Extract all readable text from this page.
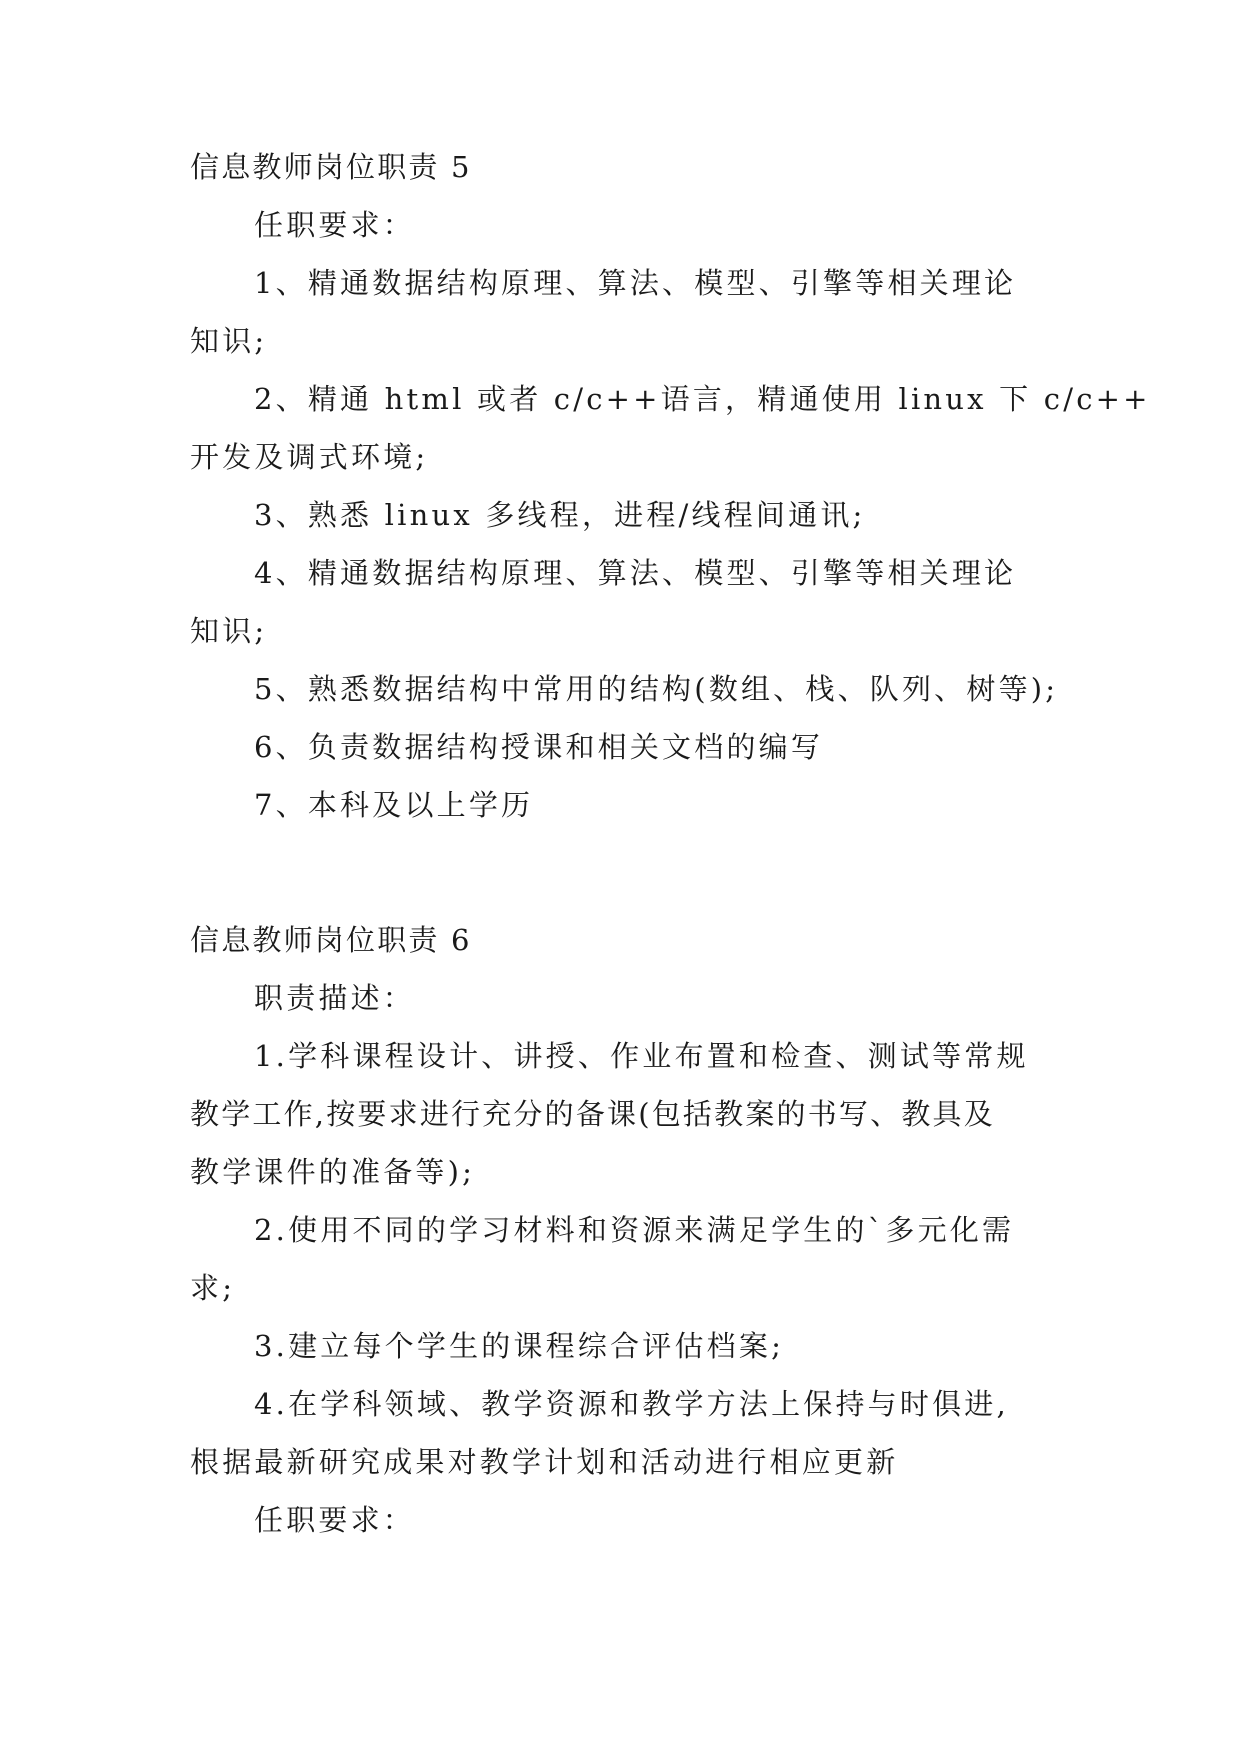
信息教师岗位职责 5
任职要求：
1、精通数据结构原理、算法、模型、引擎等相关理论
知识;
2、精通 html 或者 c/c++语言，精通使用 linux 下 c/c++
开发及调式环境;
3、熟悉 linux 多线程，进程/线程间通讯;
4、精通数据结构原理、算法、模型、引擎等相关理论
知识;
5、熟悉数据结构中常用的结构(数组、栈、队列、树等);
6、负责数据结构授课和相关文档的编写
7、本科及以上学历
信息教师岗位职责 6
职责描述：
1.学科课程设计、讲授、作业布置和检查、测试等常规
教学工作,按要求进行充分的备课(包括教案的书写、教具及
教学课件的准备等);
2.使用不同的学习材料和资源来满足学生的`多元化需
求;
3.建立每个学生的课程综合评估档案;
4.在学科领域、教学资源和教学方法上保持与时俱进,
根据最新研究成果对教学计划和活动进行相应更新
任职要求：
